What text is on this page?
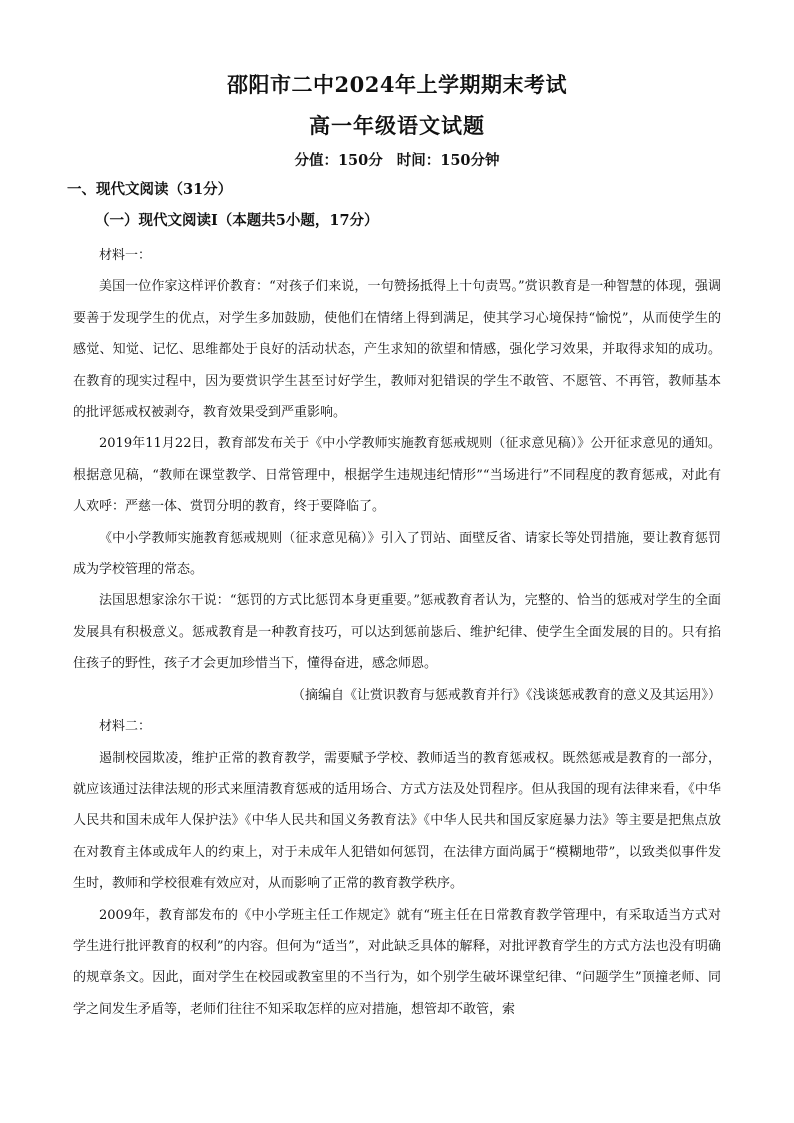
邵阳市二中2024年上学期期末考试
高一年级语文试题
分值：150分 时间：150分钟
一、现代文阅读（31分）
（一）现代文阅读Ⅰ（本题共5小题，17分）

材料一：

美国一位作家这样评价教育：“对孩子们来说，一句赞扬抵得上十句责骂。”赏识教育是一种智慧的体现，强调要善于发现学生的优点，对学生多加鼓励，使他们在情绪上得到满足，使其学习心境保持“愉悦”，从而使学生的感觉、知觉、记忆、思维都处于良好的活动状态，产生求知的欲望和情感，强化学习效果，并取得求知的成功。在教育的现实过程中，因为要赏识学生甚至讨好学生，教师对犯错误的学生不敢管、不愿管、不再管，教师基本的批评惩戒权被剥夺，教育效果受到严重影响。

2019年11月22日，教育部发布关于《中小学教师实施教育惩戒规则（征求意见稿）》公开征求意见的通知。根据意见稿，“教师在课堂教学、日常管理中，根据学生违规违纪情形”“当场进行”不同程度的教育惩戒，对此有人欢呼：严慈一体、赏罚分明的教育，终于要降临了。

《中小学教师实施教育惩戒规则（征求意见稿）》引入了罚站、面壁反省、请家长等处罚措施，要让教育惩罚成为学校管理的常态。

法国思想家涂尔干说：“惩罚的方式比惩罚本身更重要。”惩戒教育者认为，完整的、恰当的惩戒对学生的全面发展具有积极意义。惩戒教育是一种教育技巧，可以达到惩前毖后、维护纪律、使学生全面发展的目的。只有掐住孩子的野性，孩子才会更加珍惜当下，懂得奋进，感念师恩。

（摘编自《让赏识教育与惩戒教育并行》《浅谈惩戒教育的意义及其运用》）

材料二：

遏制校园欺凌，维护正常的教育教学，需要赋予学校、教师适当的教育惩戒权。既然惩戒是教育的一部分，就应该通过法律法规的形式来厘清教育惩戒的适用场合、方式方法及处罚程序。但从我国的现有法律来看，《中华人民共和国未成年人保护法》《中华人民共和国义务教育法》《中华人民共和国反家庭暴力法》等主要是把焦点放在对教育主体或成年人的约束上，对于未成年人犯错如何惩罚，在法律方面尚属于“模糊地带”，以致类似事件发生时，教师和学校很难有效应对，从而影响了正常的教育教学秩序。

2009年，教育部发布的《中小学班主任工作规定》就有“班主任在日常教育教学管理中，有采取适当方式对学生进行批评教育的权利”的内容。但何为“适当”，对此缺乏具体的解释，对批评教育学生的方式方法也没有明确的规章条文。因此，面对学生在校园或教室里的不当行为，如个别学生破坏课堂纪律、“问题学生”顶撞老师、同学之间发生矛盾等，老师们往往不知采取怎样的应对措施，想管却不敢管，索
